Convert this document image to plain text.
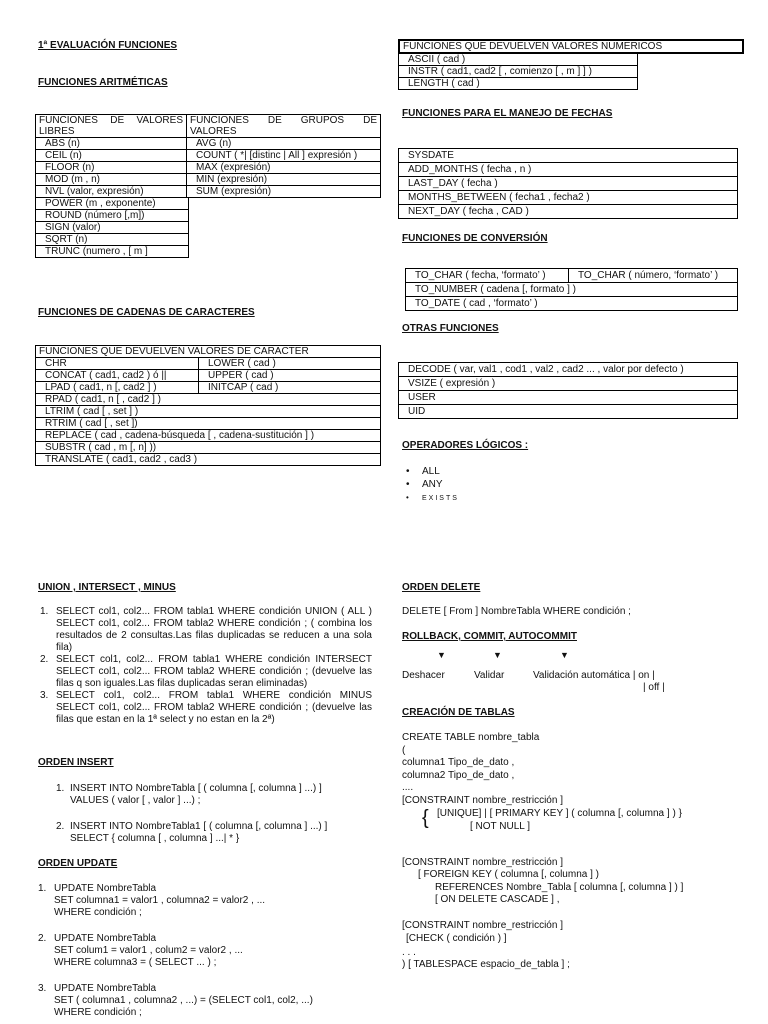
1ª EVALUACIÓN FUNCIONES
FUNCIONES ARITMÉTICAS
FUNCIONES DE VALORES LIBRES	FUNCIONES DE GRUPOS DE VALORES
ABS (n)	AVG (n)
CEIL (n)	COUNT ( *| [distinc | All ] expresión )
FLOOR (n)	MAX (expresión)
MOD (m , n)	MIN (expresión)
NVL (valor, expresión)	SUM (expresión)
POWER (m , exponente)
ROUND (número [,m])
SIGN (valor)
SQRT (n)
TRUNC (numero , [ m ]
FUNCIONES DE CADENAS DE CARACTERES
FUNCIONES QUE DEVUELVEN VALORES DE CARACTER	
CHR	LOWER ( cad )
CONCAT ( cad1, cad2 ) ó ||	UPPER ( cad )
LPAD ( cad1, n [, cad2 ] )	INITCAP ( cad )
RPAD ( cad1, n [ , cad2 ] )
LTRIM ( cad [ , set ] )
RTRIM ( cad [ , set ])
REPLACE ( cad , cadena-búsqueda [ , cadena-sustitución ] )
SUBSTR ( cad , m [, n] ))
TRANSLATE ( cad1, cad2 , cad3 )
UNION , INTERSECT , MINUS
1. SELECT col1, col2... FROM tabla1 WHERE condición UNION ( ALL ) SELECT col1, col2... FROM tabla2 WHERE condición ; ( combina los resultados de 2 consultas.Las filas duplicadas se reducen a una sola fila)
2. SELECT col1, col2... FROM tabla1 WHERE condición INTERSECT SELECT col1, col2... FROM tabla2 WHERE condición ; (devuelve las filas q son iguales.Las filas duplicadas seran eliminadas)
3. SELECT col1, col2... FROM tabla1 WHERE condición MINUS SELECT col1, col2... FROM tabla2 WHERE condición ; (devuelve las filas que estan en la 1ª select y no estan en la 2ª)
ORDEN INSERT
1. INSERT INTO NombreTabla [ ( columna [, columna ] ...) ]
VALUES ( valor [ , valor ] ...) ;
2. INSERT INTO NombreTabla1 [ ( columna [, columna ] ...) ]
SELECT { columna [ , columna ] ...| * }
ORDEN UPDATE
1. UPDATE NombreTabla
SET columna1 = valor1 , columna2 = valor2 , ...
WHERE condición ;
2. UPDATE NombreTabla
SET colum1 = valor1 , colum2 = valor2 , ...
WHERE columna3 = ( SELECT ... ) ;
3. UPDATE NombreTabla
SET ( columna1 , columna2 , ...) = (SELECT col1, col2, ...)
WHERE condición ;
FUNCIONES QUE DEVUELVEN VALORES NUMERICOS
ASCII ( cad )
INSTR ( cad1, cad2 [ , comienzo [ , m ] ] )
LENGTH ( cad )
FUNCIONES PARA EL MANEJO DE FECHAS
SYSDATE
ADD_MONTHS ( fecha , n )
LAST_DAY ( fecha )
MONTHS_BETWEEN ( fecha1 , fecha2 )
NEXT_DAY ( fecha , CAD )
FUNCIONES DE CONVERSIÓN
TO_CHAR ( fecha, ‘formato’ )	TO_CHAR ( número, ‘formato’ )
TO_NUMBER ( cadena [, formato ] )
TO_DATE ( cad , ‘formato’ )
OTRAS FUNCIONES
DECODE ( var, val1 , cod1 , val2 , cad2 ... , valor por defecto )
VSIZE ( expresión )
USER
UID
OPERADORES LÓGICOS :
• ALL
• ANY
• EXISTS
ORDEN DELETE
DELETE [ From ] NombreTabla WHERE condición ;
ROLLBACK, COMMIT, AUTOCOMMIT
▼	▼	▼
Deshacer	Validar	Validación automática | on |
| off |
CREACIÓN DE TABLAS
CREATE TABLE nombre_tabla
(
columna1 Tipo_de_dato ,
columna2 Tipo_de_dato ,
....
[CONSTRAINT nombre_restricción ]
{ [UNIQUE] | [ PRIMARY KEY ] ( columna [, columna ] ) }
[ NOT NULL ]
[CONSTRAINT nombre_restricción ]
[ FOREIGN KEY ( columna [, columna ] )
REFERENCES Nombre_Tabla [ columna [, columna ] ) ]
[ ON DELETE CASCADE ] ,
[CONSTRAINT nombre_restricción ]
[CHECK ( condición ) ]
. . .
) [ TABLESPACE espacio_de_tabla ] ;
